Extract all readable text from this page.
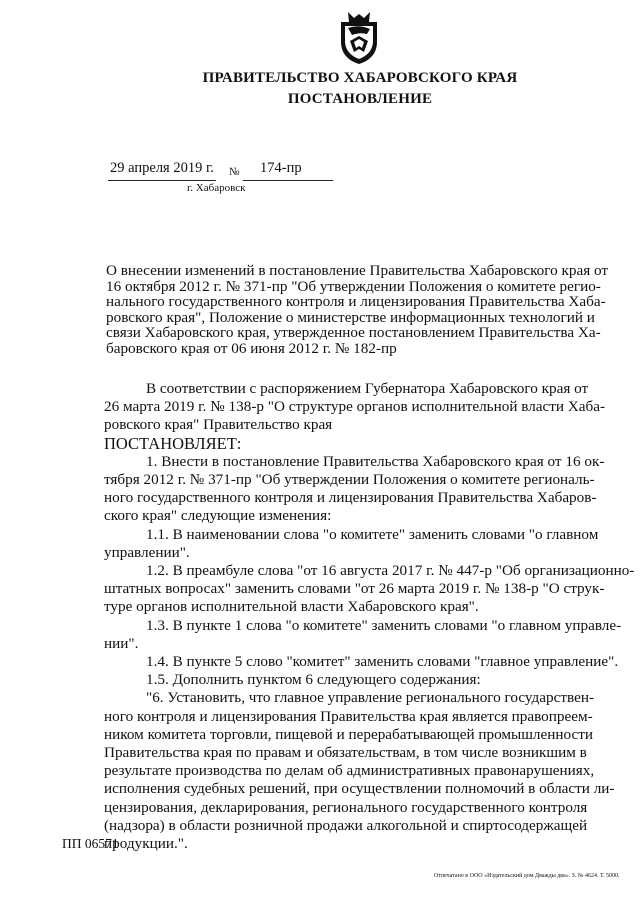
ПРАВИТЕЛЬСТВО ХАБАРОВСКОГО КРАЯ
ПОСТАНОВЛЕНИЕ
29 апреля 2019 г. № 174-пр
г. Хабаровск
О внесении изменений в постановление Правительства Хабаровского края от
16 октября 2012 г. № 371-пр "Об утверждении Положения о комитете регио-
нального государственного контроля и лицензирования Правительства Хаба-
ровского края", Положение о министерстве информационных технологий и
связи Хабаровского края, утвержденное постановлением Правительства Ха-
баровского края от 06 июня 2012 г. № 182-пр
В соответствии с распоряжением Губернатора Хабаровского края от
26 марта 2019 г. № 138-р "О структуре органов исполнительной власти Хаба-
ровского края" Правительство края
ПОСТАНОВЛЯЕТ:
1. Внести в постановление Правительства Хабаровского края от 16 ок-
тября 2012 г. № 371-пр "Об утверждении Положения о комитете региональ-
ного государственного контроля и лицензирования Правительства Хабаров-
ского края" следующие изменения:
1.1. В наименовании слова "о комитете" заменить словами "о главном
управлении".
1.2. В преамбуле слова "от 16 августа 2017 г. № 447-р "Об организационно-
штатных вопросах" заменить словами "от 26 марта 2019 г. № 138-р "О струк-
туре органов исполнительной власти Хабаровского края".
1.3. В пункте 1 слова "о комитете" заменить словами "о главном управле-
нии".
1.4. В пункте 5 слово "комитет" заменить словами "главное управление".
1.5. Дополнить пунктом 6 следующего содержания:
"6. Установить, что главное управление регионального государствен-
ного контроля и лицензирования Правительства края является правопреем-
ником комитета торговли, пищевой и перерабатывающей промышленности
Правительства края по правам и обязательствам, в том числе возникшим в
результате производства по делам об административных правонарушениях,
исполнения судебных решений, при осуществлении полномочий в области ли-
цензирования, декларирования, регионального государственного контроля
(надзора) в области розничной продажи алкогольной и спиртосодержащей
продукции.".
ПП 06571
Отпечатано в ООО «Издательский дом Дважды два». З. № 4624. Т. 5000.
